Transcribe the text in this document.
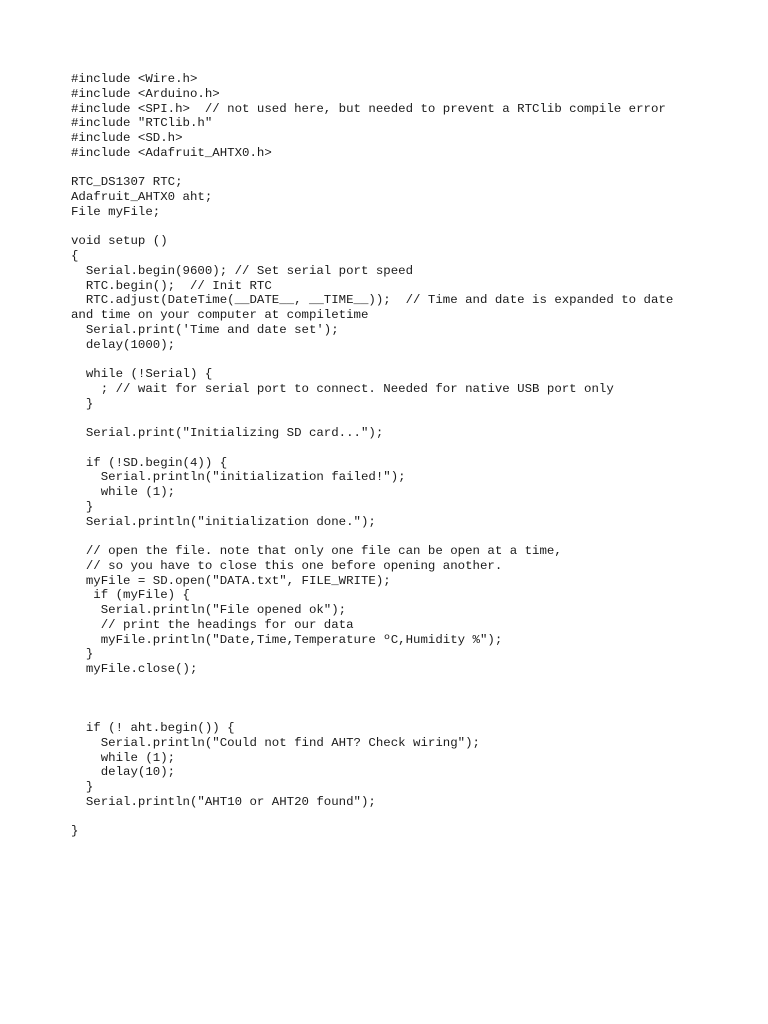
#include <Wire.h>
#include <Arduino.h>
#include <SPI.h>  // not used here, but needed to prevent a RTClib compile error
#include "RTClib.h"
#include <SD.h>
#include <Adafruit_AHTX0.h>
RTC_DS1307 RTC;
Adafruit_AHTX0 aht;
File myFile;
void setup ()
{
Serial.begin(9600); // Set serial port speed
RTC.begin();  // Init RTC
RTC.adjust(DateTime(__DATE__, __TIME__));  // Time and date is expanded to date
and time on your computer at compiletime
Serial.print('Time and date set');
delay(1000);
while (!Serial) {
; // wait for serial port to connect. Needed for native USB port only
}
Serial.print("Initializing SD card...");
if (!SD.begin(4)) {
Serial.println("initialization failed!");
while (1);
}
Serial.println("initialization done.");
// open the file. note that only one file can be open at a time,
// so you have to close this one before opening another.
myFile = SD.open("DATA.txt", FILE_WRITE);
if (myFile) {
Serial.println("File opened ok");
// print the headings for our data
myFile.println("Date,Time,Temperature ºC,Humidity %");
}
myFile.close();
if (! aht.begin()) {
Serial.println("Could not find AHT? Check wiring");
while (1);
delay(10);
}
Serial.println("AHT10 or AHT20 found");
}
